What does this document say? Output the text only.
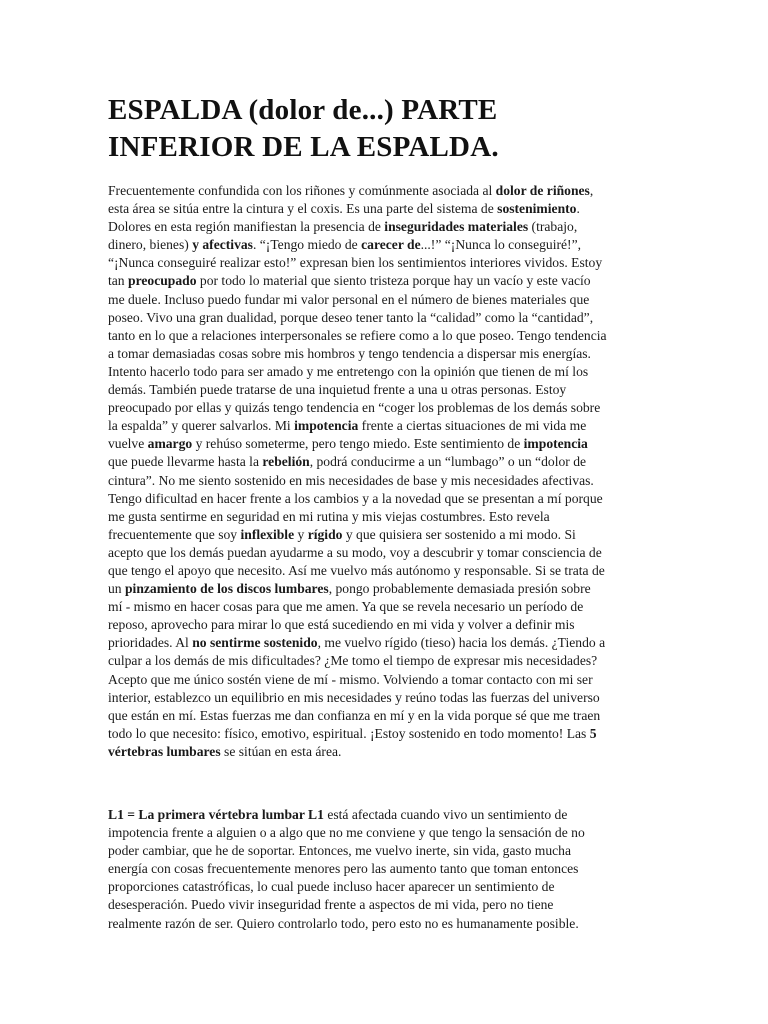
ESPALDA (dolor de...) PARTE
INFERIOR DE LA ESPALDA.
Frecuentemente confundida con los riñones y comúnmente asociada al dolor de riñones,
esta área se sitúa entre la cintura y el coxis. Es una parte del sistema de sostenimiento.
Dolores en esta región manifiestan la presencia de inseguridades materiales (trabajo,
dinero, bienes) y afectivas. “¡Tengo miedo de carecer de...!” “¡Nunca lo conseguiré!”,
“¡Nunca conseguiré realizar esto!” expresan bien los sentimientos interiores vividos. Estoy
tan preocupado por todo lo material que siento tristeza porque hay un vacío y este vacío
me duele. Incluso puedo fundar mi valor personal en el número de bienes materiales que
poseo. Vivo una gran dualidad, porque deseo tener tanto la “calidad” como la “cantidad”,
tanto en lo que a relaciones interpersonales se refiere como a lo que poseo. Tengo tendencia
a tomar demasiadas cosas sobre mis hombros y tengo tendencia a dispersar mis energías.
Intento hacerlo todo para ser amado y me entretengo con la opinión que tienen de mí los
demás. También puede tratarse de una inquietud frente a una u otras personas. Estoy
preocupado por ellas y quizás tengo tendencia en “coger los problemas de los demás sobre
la espalda” y querer salvarlos. Mi impotencia frente a ciertas situaciones de mi vida me
vuelve amargo y rehúso someterme, pero tengo miedo. Este sentimiento de impotencia
que puede llevarme hasta la rebelión, podrá conducirme a un “lumbago” o un “dolor de
cintura”. No me siento sostenido en mis necesidades de base y mis necesidades afectivas.
Tengo dificultad en hacer frente a los cambios y a la novedad que se presentan a mí porque
me gusta sentirme en seguridad en mi rutina y mis viejas costumbres. Esto revela
frecuentemente que soy inflexible y rígido y que quisiera ser sostenido a mi modo. Si
acepto que los demás puedan ayudarme a su modo, voy a descubrir y tomar consciencia de
que tengo el apoyo que necesito. Así me vuelvo más autónomo y responsable. Si se trata de
un pinzamiento de los discos lumbares, pongo probablemente demasiada presión sobre
mí - mismo en hacer cosas para que me amen. Ya que se revela necesario un período de
reposo, aprovecho para mirar lo que está sucediendo en mi vida y volver a definir mis
prioridades. Al no sentirme sostenido, me vuelvo rígido (tieso) hacia los demás. ¿Tiendo a
culpar a los demás de mis dificultades? ¿Me tomo el tiempo de expresar mis necesidades?
Acepto que me único sostén viene de mí - mismo. Volviendo a tomar contacto con mi ser
interior, establezco un equilibrio en mis necesidades y reúno todas las fuerzas del universo
que están en mí. Estas fuerzas me dan confianza en mí y en la vida porque sé que me traen
todo lo que necesito: físico, emotivo, espiritual. ¡Estoy sostenido en todo momento! Las 5
vértebras lumbares se sitúan en esta área.
L1 = La primera vértebra lumbar L1 está afectada cuando vivo un sentimiento de
impotencia frente a alguien o a algo que no me conviene y que tengo la sensación de no
poder cambiar, que he de soportar. Entonces, me vuelvo inerte, sin vida, gasto mucha
energía con cosas frecuentemente menores pero las aumento tanto que toman entonces
proporciones catastróficas, lo cual puede incluso hacer aparecer un sentimiento de
desesperación. Puedo vivir inseguridad frente a aspectos de mi vida, pero no tiene
realmente razón de ser. Quiero controlarlo todo, pero esto no es humanamente posible.
